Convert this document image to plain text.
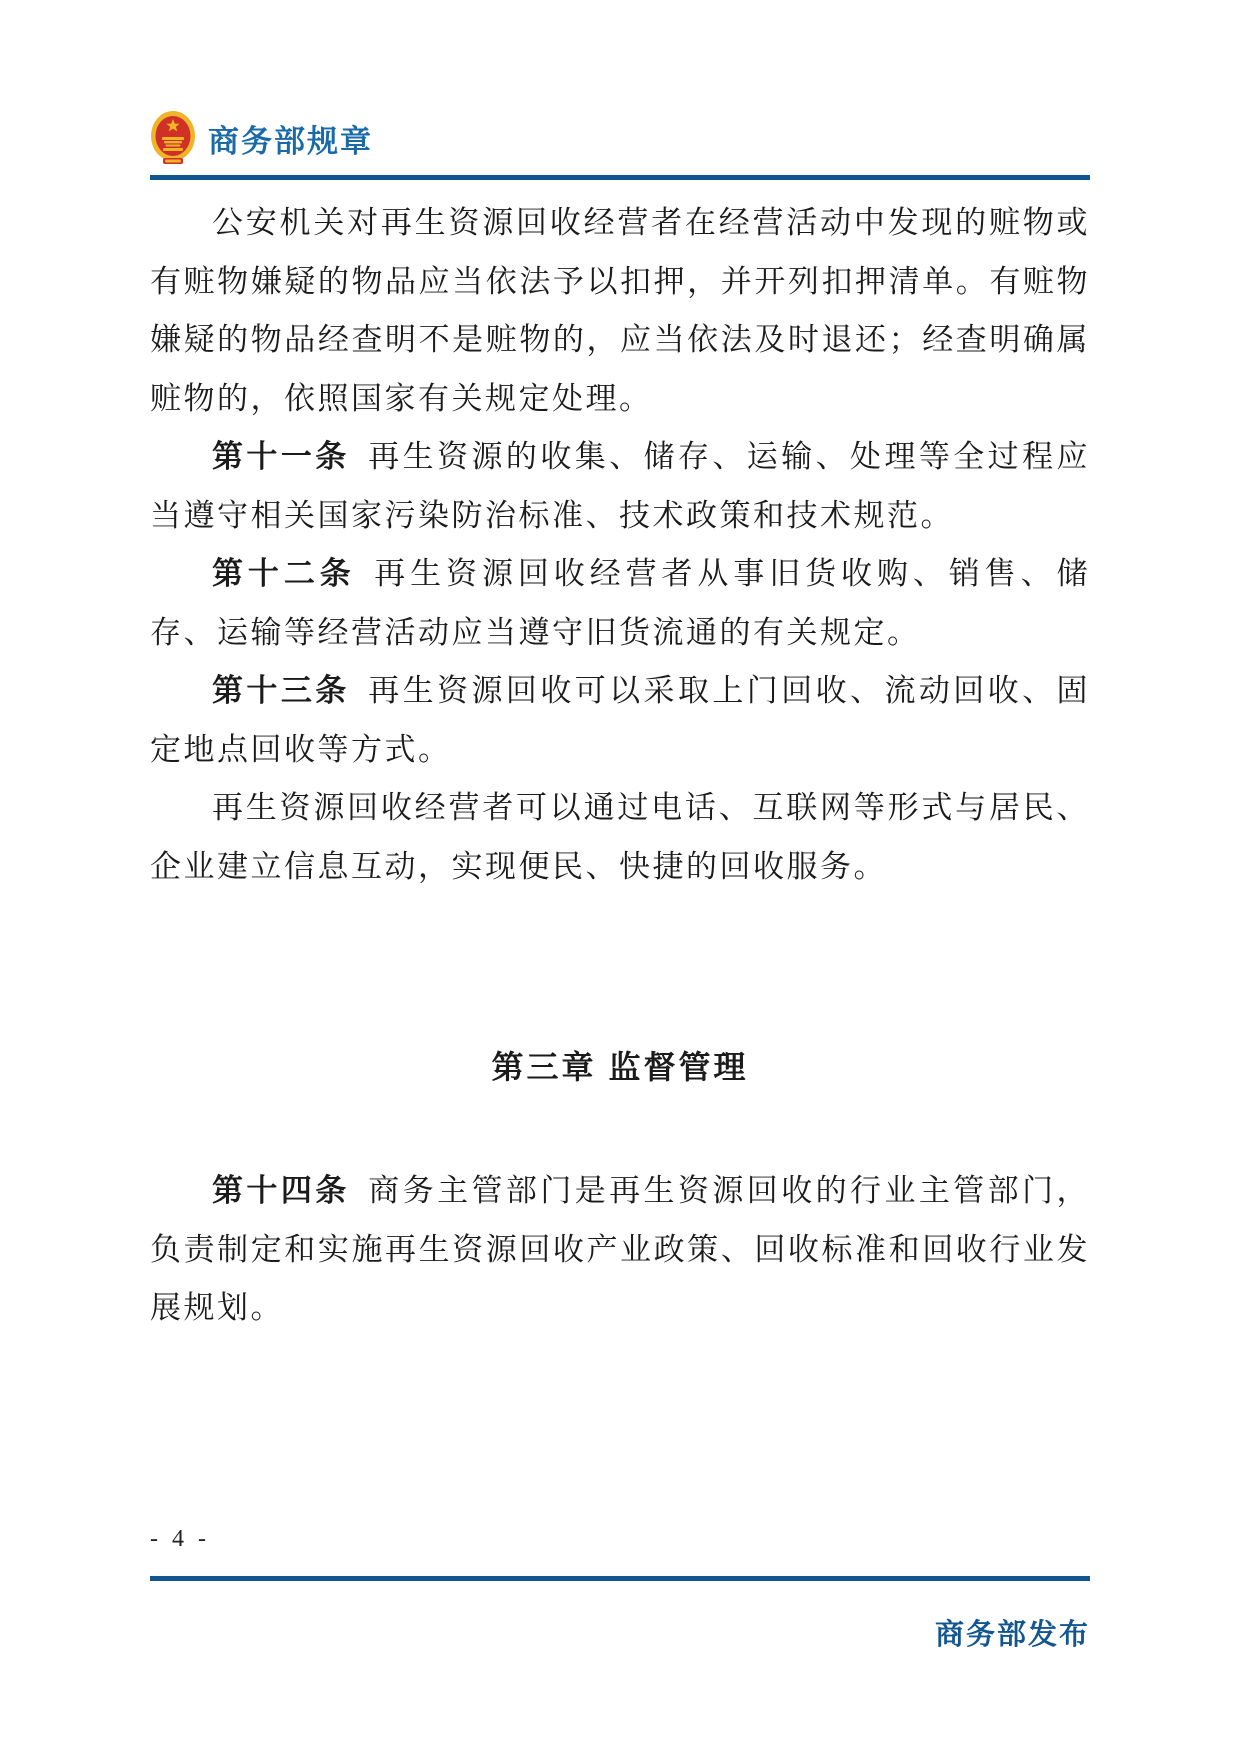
商务部规章

公安机关对再生资源回收经营者在经营活动中发现的赃物或有赃物嫌疑的物品应当依法予以扣押，并开列扣押清单。有赃物嫌疑的物品经查明不是赃物的，应当依法及时退还；经查明确属赃物的，依照国家有关规定处理。

第十一条 再生资源的收集、储存、运输、处理等全过程应当遵守相关国家污染防治标准、技术政策和技术规范。

第十二条 再生资源回收经营者从事旧货收购、销售、储存、运输等经营活动应当遵守旧货流通的有关规定。

第十三条 再生资源回收可以采取上门回收、流动回收、固定地点回收等方式。

再生资源回收经营者可以通过电话、互联网等形式与居民、企业建立信息互动，实现便民、快捷的回收服务。

第三章 监督管理

第十四条 商务主管部门是再生资源回收的行业主管部门，负责制定和实施再生资源回收产业政策、回收标准和回收行业发展规划。

- 4 -
商务部发布
